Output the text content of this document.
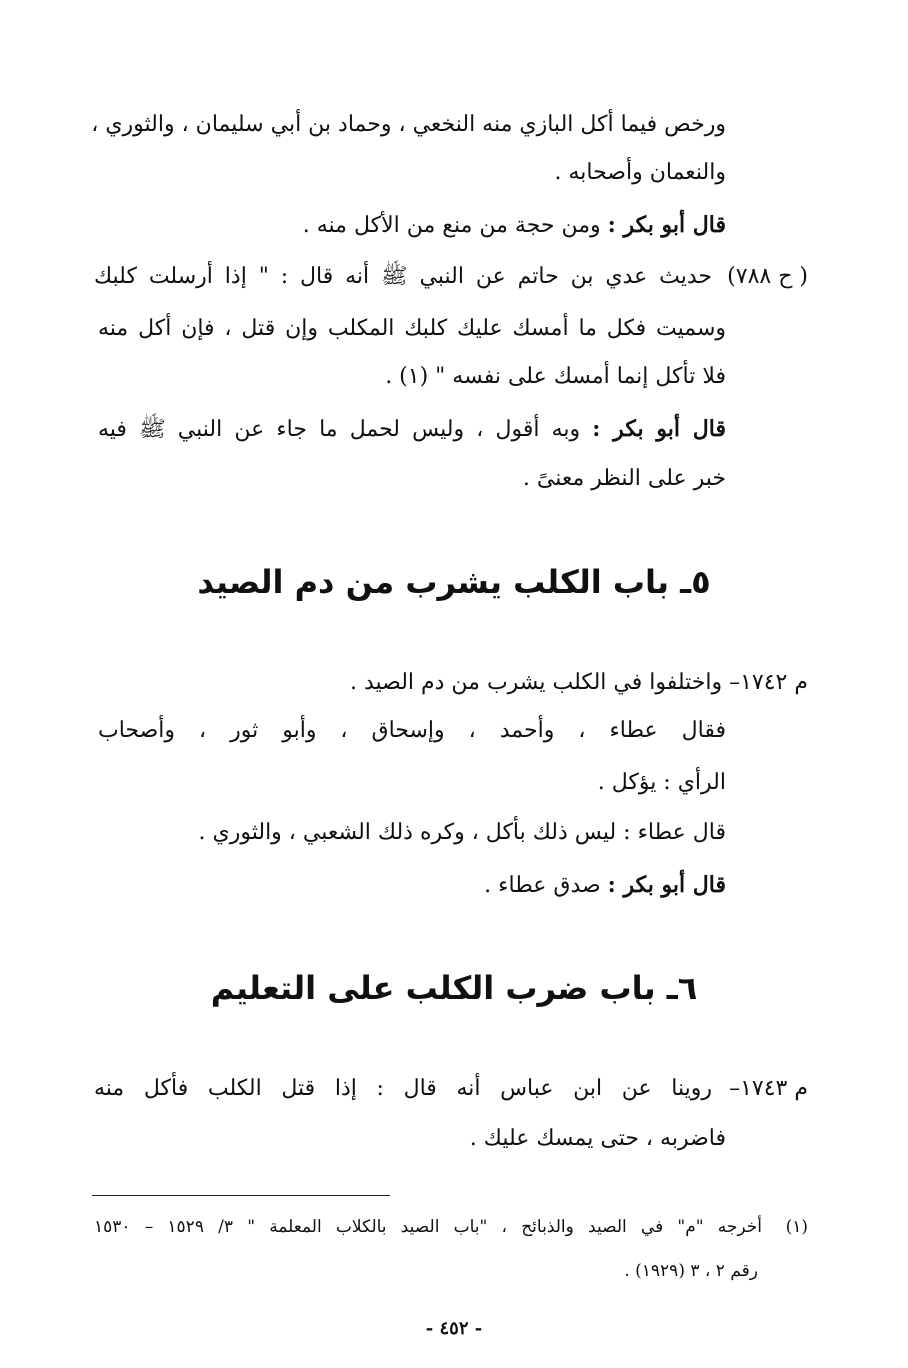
ورخص فيما أكل البازي منه النخعي ، وحماد بن أبي سليمان ، والثوري ،
والنعمان وأصحابه .
قال أبو بكر : ومن حجة من منع من الأكل منه .
( ح ٧٨٨)
حديث عدي بن حاتم عن النبي ﷺ أنه قال : " إذا أرسلت كلبك
وسميت فكل ما أمسك عليك كلبك المكلب وإن قتل ، فإن أكل منه
فلا تأكل إنما أمسك على نفسه " (١) .
قال أبو بكر : وبه أقول ، وليس لحمل ما جاء عن النبي ﷺ فيه
خبر على النظر معنىً .
٥ـ باب الكلب يشرب من دم الصيد
م ١٧٤٢– واختلفوا في الكلب يشرب من دم الصيد .
فقال عطاء ، وأحمد ، وإسحاق ، وأبو ثور ، وأصحاب
الرأي : يؤكل .
قال عطاء : ليس ذلك بأكل ، وكره ذلك الشعبي ، والثوري .
قال أبو بكر : صدق عطاء .
٦ـ باب ضرب الكلب على التعليم
م ١٧٤٣–
روينا عن ابن عباس أنه قال : إذا قتل الكلب فأكل منه
فاضربه ، حتى يمسك عليك .
(١)
أخرجه "م" في الصيد والذبائح ، "باب الصيد بالكلاب المعلمة " ٣/ ١٥٢٩ – ١٥٣٠
رقم ٢ ، ٣ (١٩٢٩) .
- ٤٥٢ -
